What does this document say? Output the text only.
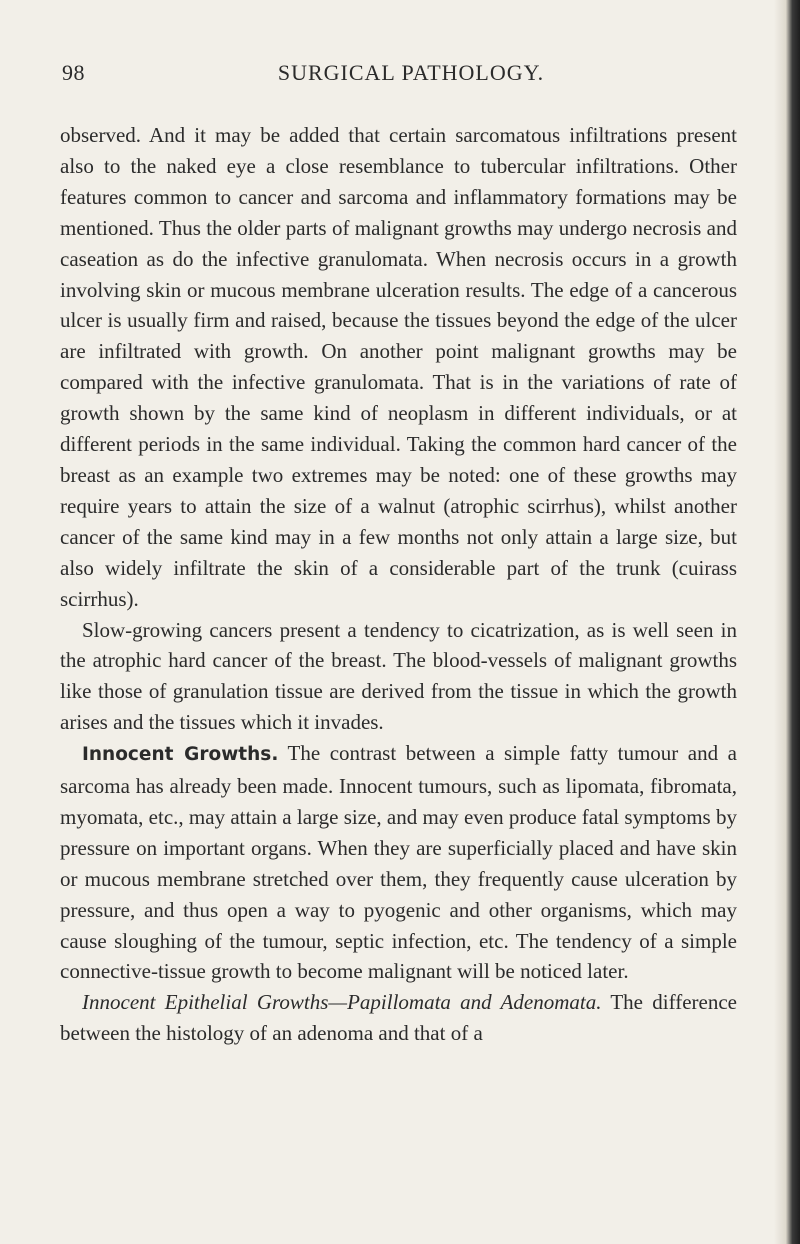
98	SURGICAL PATHOLOGY.

observed. And it may be added that certain sarcomatous infiltrations present also to the naked eye a close resemblance to tubercular infiltrations. Other features common to cancer and sarcoma and inflammatory formations may be mentioned. Thus the older parts of malignant growths may undergo necrosis and caseation as do the infective granulomata. When necrosis occurs in a growth involving skin or mucous membrane ulceration results. The edge of a cancerous ulcer is usually firm and raised, because the tissues beyond the edge of the ulcer are infiltrated with growth. On another point malignant growths may be compared with the infective granulomata. That is in the variations of rate of growth shown by the same kind of neoplasm in different individuals, or at different periods in the same individual. Taking the common hard cancer of the breast as an example two extremes may be noted: one of these growths may require years to attain the size of a walnut (atrophic scirrhus), whilst another cancer of the same kind may in a few months not only attain a large size, but also widely infiltrate the skin of a considerable part of the trunk (cuirass scirrhus).

Slow-growing cancers present a tendency to cicatrization, as is well seen in the atrophic hard cancer of the breast. The blood-vessels of malignant growths like those of granulation tissue are derived from the tissue in which the growth arises and the tissues which it invades.

Innocent Growths. The contrast between a simple fatty tumour and a sarcoma has already been made. Innocent tumours, such as lipomata, fibromata, myomata, etc., may attain a large size, and may even produce fatal symptoms by pressure on important organs. When they are superficially placed and have skin or mucous membrane stretched over them, they frequently cause ulceration by pressure, and thus open a way to pyogenic and other organisms, which may cause sloughing of the tumour, septic infection, etc. The tendency of a simple connective-tissue growth to become malignant will be noticed later.

Innocent Epithelial Growths—Papillomata and Adenomata. The difference between the histology of an adenoma and that of a
